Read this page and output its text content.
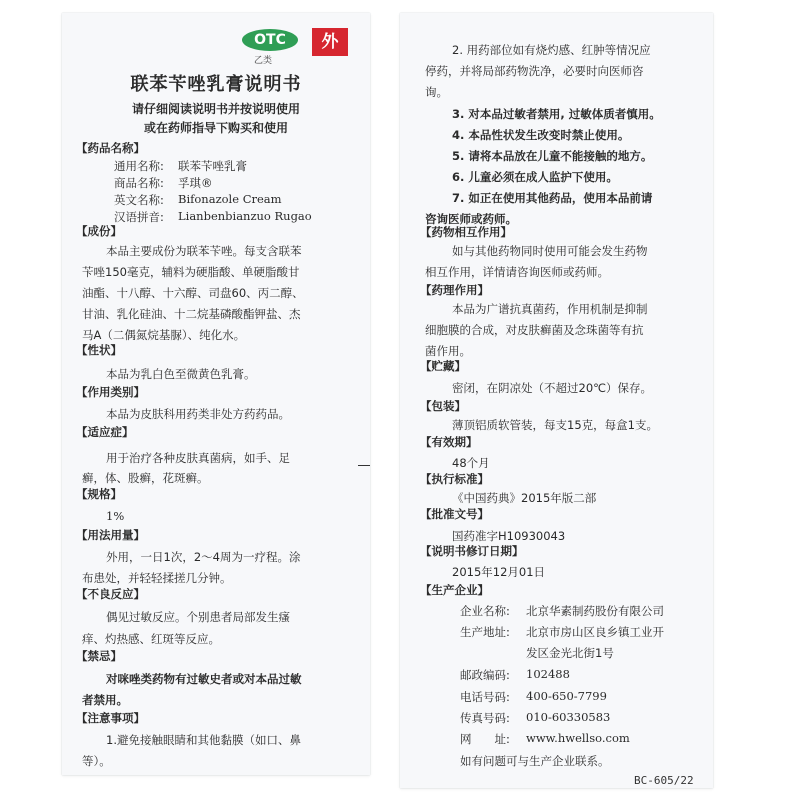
OTC
乙类
外
联苯苄唑乳膏说明书
请仔细阅读说明书并按说明使用
或在药师指导下购买和使用
【 药品名称 】
通用名称: 联苯苄唑乳膏
商品名称: 孚琪®
英文名称: Bifonazole Cream
汉语拼音: Lianbenbianzuo Rugao
【 成份 】
本品主要成份为联苯苄唑。每支含联苯
苄唑150毫克，辅料为硬脂酸、单硬脂酸甘
油酯、十八醇、十六醇、司盘60、丙二醇、
甘油、乳化硅油、十二烷基磷酸酯钾盐、杰
马A（二偶氮烷基脲）、纯化水。
【 性状 】
本品为乳白色至微黄色乳膏。
【 作用类别 】
本品为皮肤科用药类非处方药药品。
【 适应症 】
用于治疗各种皮肤真菌病，如手、足
癣，体、股癣，花斑癣。
【 规格 】
1%
【 用法用量 】
外用，一日1次，2～4周为一疗程。涂
布患处，并轻轻揉搓几分钟。
【 不良反应 】
偶见过敏反应。个别患者局部发生瘙
痒、灼热感、红斑等反应。
【 禁忌 】
对咪唑类药物有过敏史者或对本品过敏
者禁用。
【 注意事项 】
1.避免接触眼睛和其他黏膜（如口、鼻
等）。
2. 用药部位如有烧灼感、红肿等情况应
停药，并将局部药物洗净，必要时向医师咨
询。
3. 对本品过敏者禁用, 过敏体质者慎用。
4. 本品性状发生改变时禁止使用。
5. 请将本品放在儿童不能接触的地方。
6. 儿童必须在成人监护下使用。
7. 如正在使用其他药品，使用本品前请
咨询医师或药师。
【 药物相互作用 】
如与其他药物同时使用可能会发生药物
相互作用，详情请咨询医师或药师。
【 药理作用 】
本品为广谱抗真菌药，作用机制是抑制
细胞膜的合成，对皮肤癣菌及念珠菌等有抗
菌作用。
【 贮藏 】
密闭，在阴凉处（不超过20℃）保存。
【 包装 】
薄顶铝质软管装，每支15克，每盒1支。
【 有效期 】
48个月
【 执行标准 】
《中国药典》2015年版二部
【 批准文号 】
国药准字H10930043
【 说明书修订日期 】
2015年12月01日
【 生产企业 】
企业名称: 北京华素制药股份有限公司
生产地址: 北京市房山区良乡镇工业开
发区金光北街1号
邮政编码: 102488
电话号码: 400-650-7799
传真号码: 010-60330583
网　　址: www.hwellso.com
如有问题可与生产企业联系。
BC-605/22
